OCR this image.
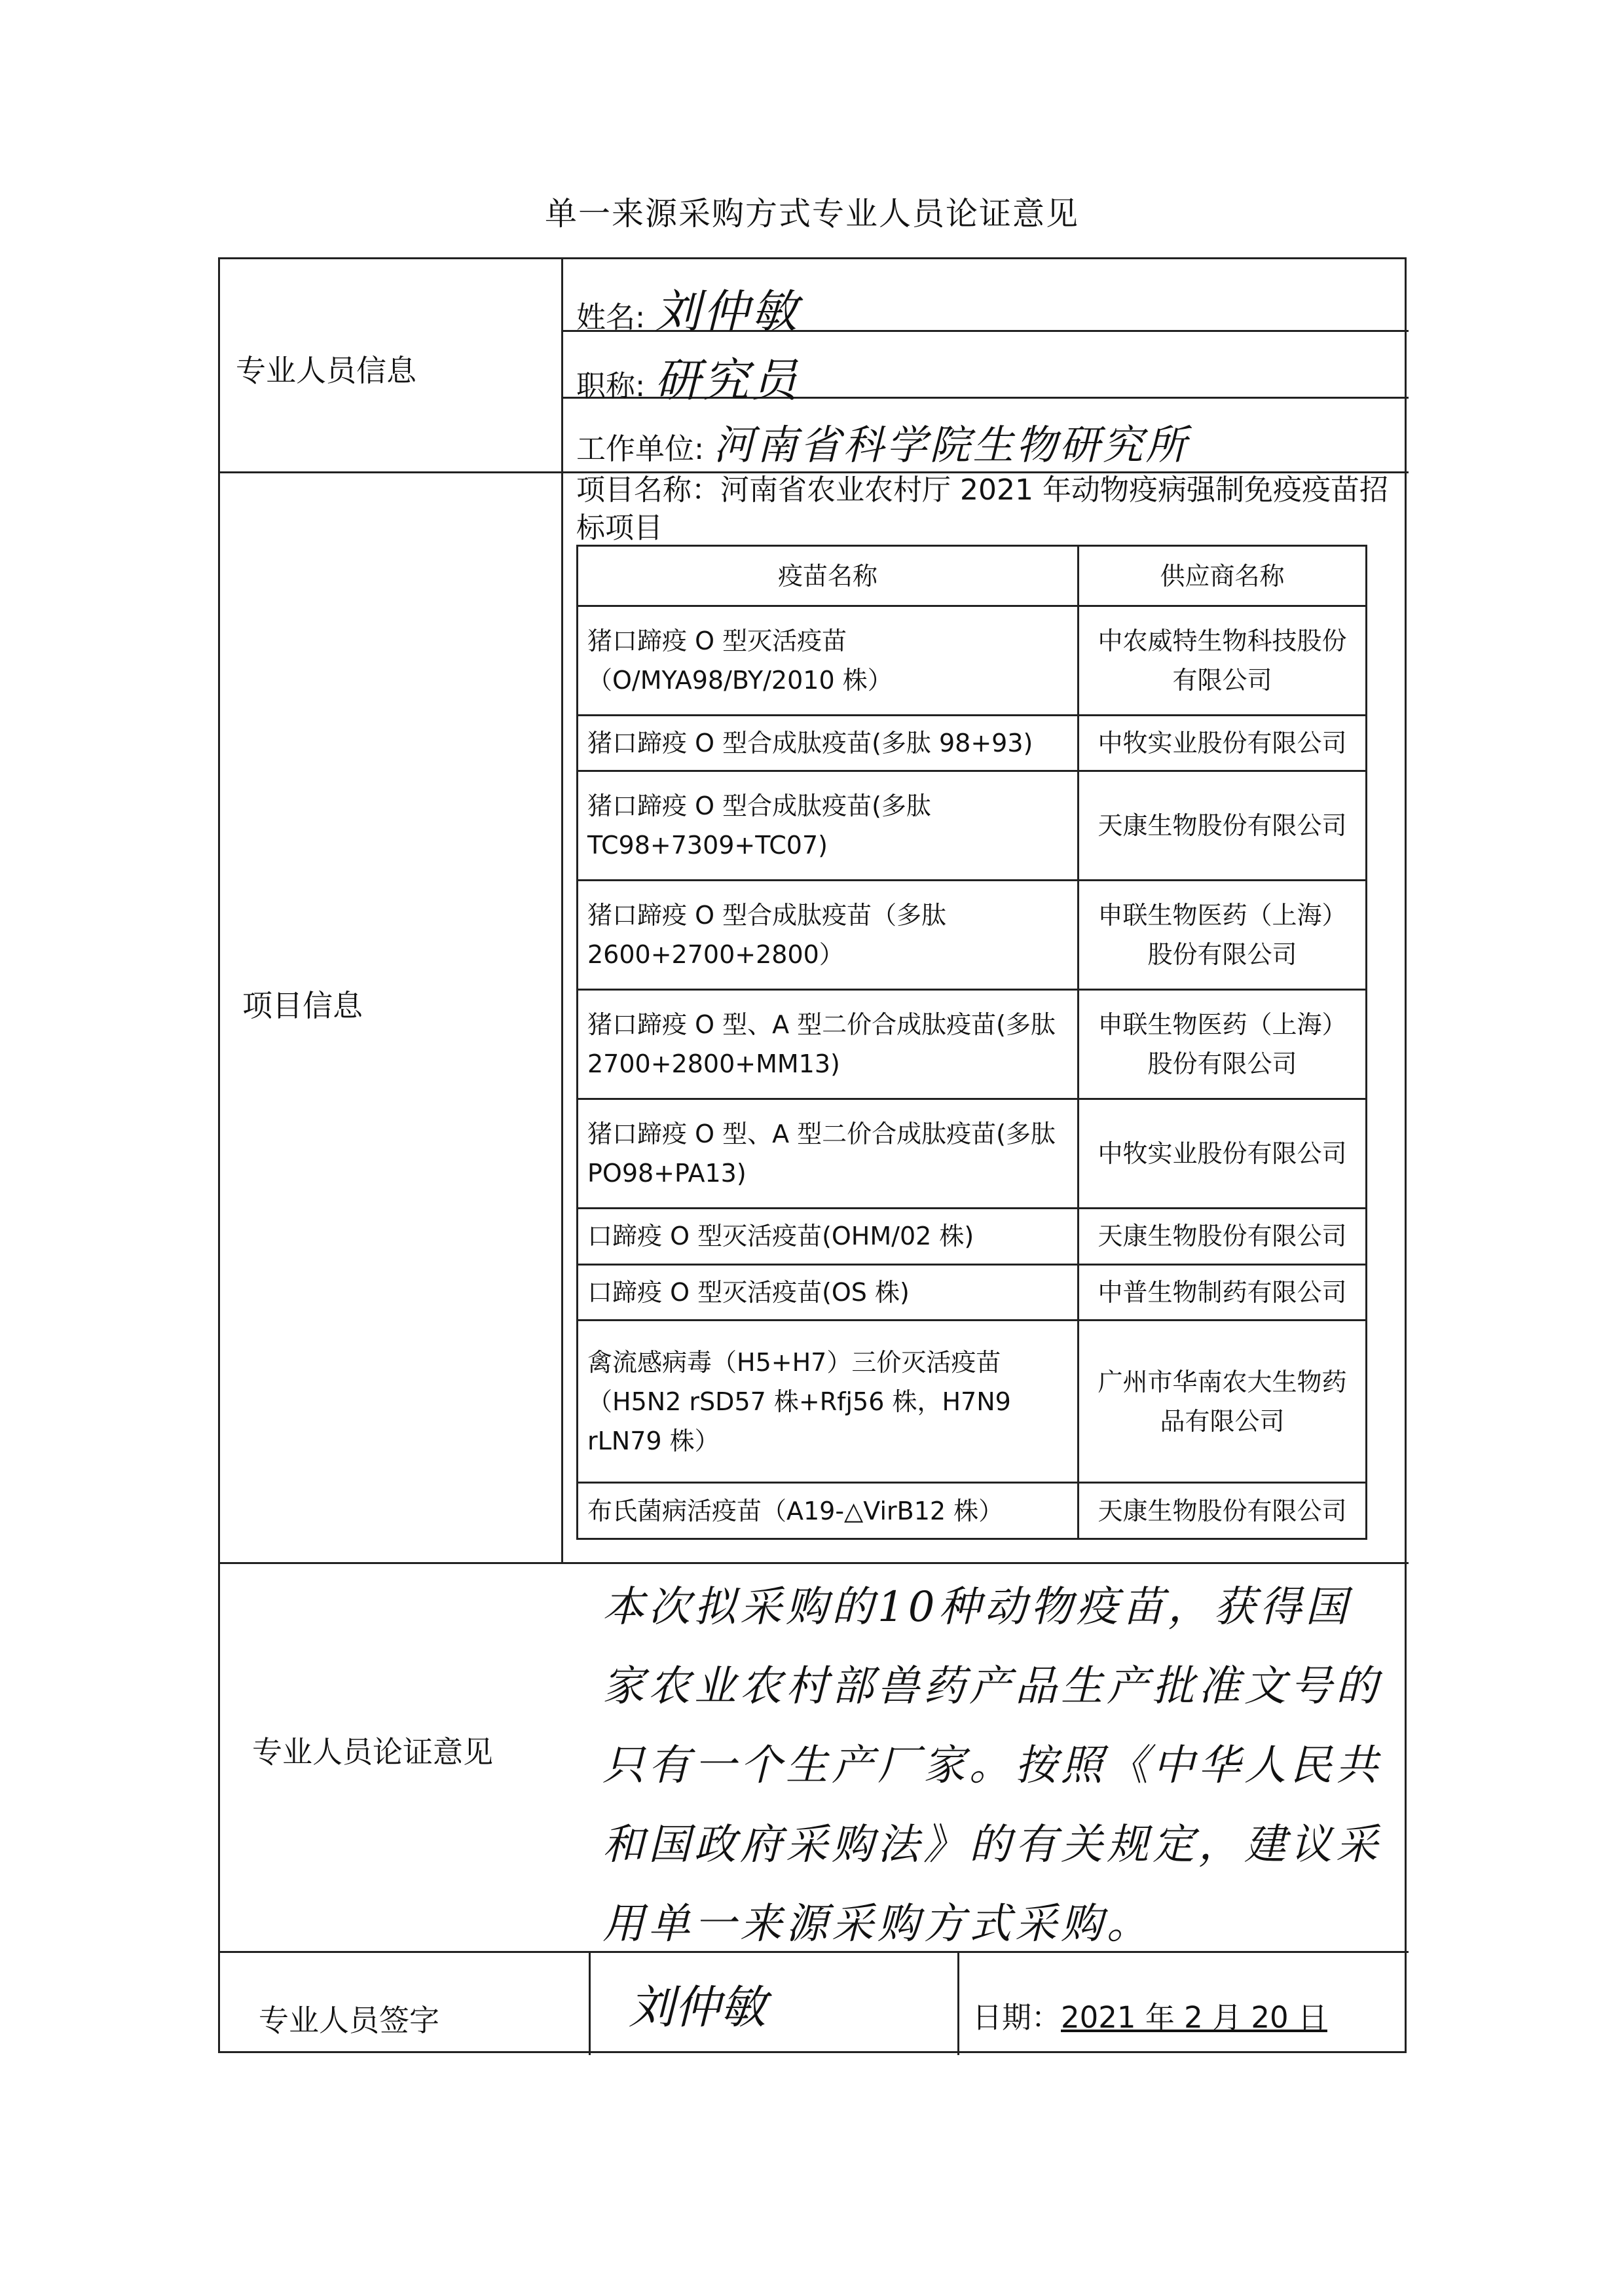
单一来源采购方式专业人员论证意见
专业人员信息
姓名: 刘仲敏
职称: 研究员
工作单位: 河南省科学院生物研究所
项目信息
项目名称：河南省农业农村厅 2021 年动物疫病强制免疫疫苗招标项目
疫苗名称	供应商名称
猪口蹄疫 O 型灭活疫苗（O/MYA98/BY/2010 株）	中农威特生物科技股份有限公司
猪口蹄疫 O 型合成肽疫苗(多肽 98+93)	中牧实业股份有限公司
猪口蹄疫 O 型合成肽疫苗(多肽 TC98+7309+TC07)	天康生物股份有限公司
猪口蹄疫 O 型合成肽疫苗（多肽 2600+2700+2800）	申联生物医药（上海）股份有限公司
猪口蹄疫 O 型、A 型二价合成肽疫苗(多肽 2700+2800+MM13)	申联生物医药（上海）股份有限公司
猪口蹄疫 O 型、A 型二价合成肽疫苗(多肽 PO98+PA13)	中牧实业股份有限公司
口蹄疫 O 型灭活疫苗(OHM/02 株)	天康生物股份有限公司
口蹄疫 O 型灭活疫苗(OS 株)	中普生物制药有限公司
禽流感病毒（H5+H7）三价灭活疫苗（H5N2 rSD57 株+Rfj56 株，H7N9 rLN79 株）	广州市华南农大生物药品有限公司
布氏菌病活疫苗（A19-△VirB12 株）	天康生物股份有限公司
专业人员论证意见
本次拟采购的10种动物疫苗，获得国家农业农村部兽药产品生产批准文号的只有一个生产厂家。按照《中华人民共和国政府采购法》的有关规定，建议采用单一来源采购方式采购。
专业人员签字	刘仲敏	日期：2021 年 2 月 20 日
